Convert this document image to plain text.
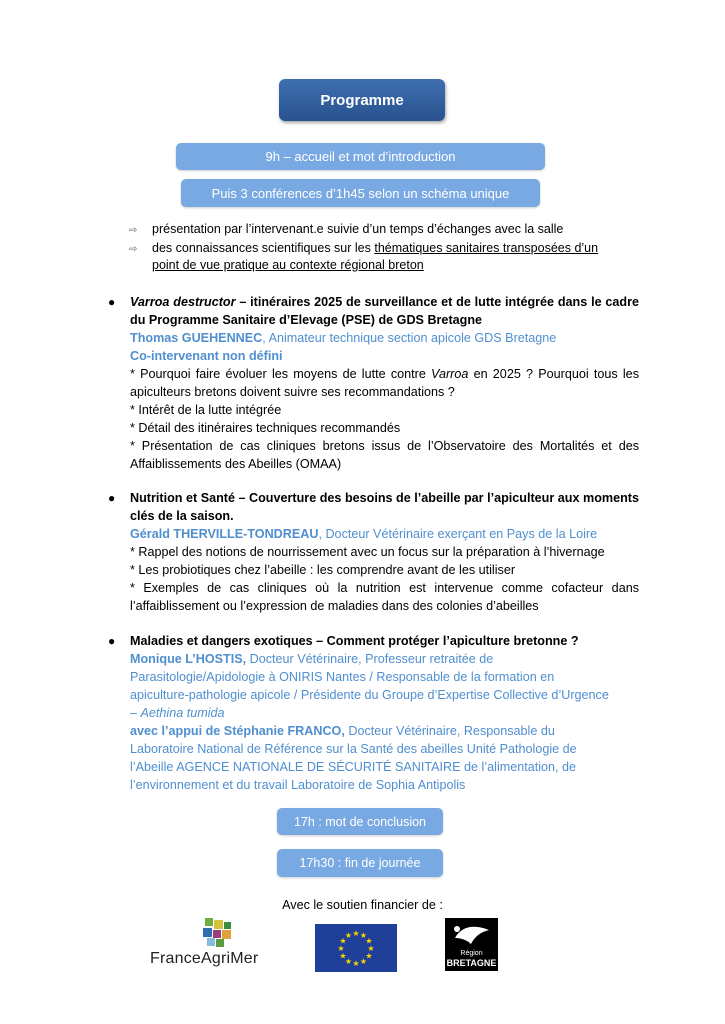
Programme
9h – accueil et mot d’introduction
Puis 3 conférences d’1h45 selon un schéma unique
⇨	présentation par l’intervenant.e suivie d’un temps d’échanges avec la salle
⇨	des connaissances scientifiques sur les thématiques sanitaires transposées d’un
point de vue pratique au contexte régional breton
●	Varroa destructor – itinéraires 2025 de surveillance et de lutte intégrée dans le cadre du Programme Sanitaire d’Elevage (PSE) de GDS Bretagne
Thomas GUEHENNEC, Animateur technique section apicole GDS Bretagne
Co-intervenant non défini
* Pourquoi faire évoluer les moyens de lutte contre Varroa en 2025 ? Pourquoi tous les apiculteurs bretons doivent suivre ses recommandations ?
* Intérêt de la lutte intégrée
* Détail des itinéraires techniques recommandés
* Présentation de cas cliniques bretons issus de l’Observatoire des Mortalités et des Affaiblissements des Abeilles (OMAA)
●	Nutrition et Santé – Couverture des besoins de l’abeille par l’apiculteur aux moments clés de la saison.
Gérald THERVILLE-TONDREAU, Docteur Vétérinaire exerçant en Pays de la Loire
* Rappel des notions de nourrissement avec un focus sur la préparation à l’hivernage
* Les probiotiques chez l’abeille : les comprendre avant de les utiliser
* Exemples de cas cliniques où la nutrition est intervenue comme cofacteur dans l’affaiblissement ou l’expression de maladies dans des colonies d’abeilles
●	Maladies et dangers exotiques – Comment protéger l’apiculture bretonne ?
Monique L’HOSTIS, Docteur Vétérinaire, Professeur retraitée de Parasitologie/Apidologie à ONIRIS Nantes / Responsable de la formation en apiculture-pathologie apicole / Présidente du Groupe d’Expertise Collective d’Urgence – Aethina tumida
avec l’appui de Stéphanie FRANCO, Docteur Vétérinaire, Responsable du Laboratoire National de Référence sur la Santé des abeilles Unité Pathologie de l’Abeille AGENCE NATIONALE DE SÉCURITÉ SANITAIRE de l’alimentation, de l’environnement et du travail Laboratoire de Sophia Antipolis
17h : mot de conclusion
17h30 : fin de journée
Avec le soutien financier de :
FranceAgriMer
★ ★
★
★
★
★
★
★
★
★
★
★
Région
BRETAGNE
